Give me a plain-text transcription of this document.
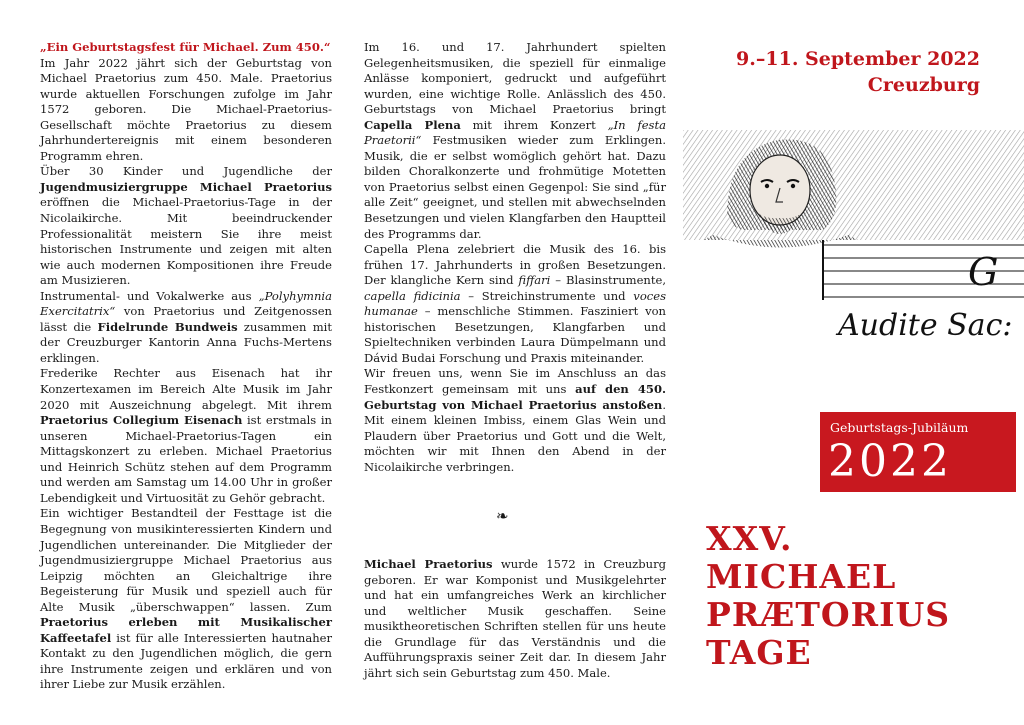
„Ein Geburtstagsfest für Michael. Zum 450.“

Im Jahr 2022 jährt sich der Geburtstag von Michael Praetorius zum 450. Male. Praetorius wurde aktuellen Forschungen zufolge im Jahr 1572 geboren. Die Michael-Praetorius-Gesellschaft möchte Praetorius zu diesem Jahrhundertereignis mit einem besonderen Programm ehren.

Über 30 Kinder und Jugendliche der Jugendmusiziergruppe Michael Praetorius eröffnen die Michael-Praetorius-Tage in der Nicolaikirche. Mit beeindruckender Professionalität meistern Sie ihre meist historischen Instrumente und zeigen mit alten wie auch modernen Kompositionen ihre Freude am Musizieren.

Instrumental- und Vokalwerke aus „Polyhymnia Exercitatrix“ von Praetorius und Zeitgenossen lässt die Fidelrunde Bundweis zusammen mit der Creuzburger Kantorin Anna Fuchs-Mertens erklingen.

Frederike Rechter aus Eisenach hat ihr Konzertexamen im Bereich Alte Musik im Jahr 2020 mit Auszeichnung abgelegt. Mit ihrem Praetorius Collegium Eisenach ist erstmals in unseren Michael-Praetorius-Tagen ein Mittagskonzert zu erleben. Michael Praetorius und Heinrich Schütz stehen auf dem Programm und werden am Samstag um 14.00 Uhr in großer Lebendigkeit und Virtuosität zu Gehör gebracht.

Ein wichtiger Bestandteil der Festtage ist die Begegnung von musikinteressierten Kindern und Jugendlichen untereinander. Die Mitglieder der Jugendmusiziergruppe Michael Praetorius aus Leipzig möchten an Gleichaltrige ihre Begeisterung für Musik und speziell auch für Alte Musik „überschwappen“ lassen. Zum Praetorius erleben mit Musikalischer Kaffeetafel ist für alle Interessierten hautnaher Kontakt zu den Jugendlichen möglich, die gern ihre Instrumente zeigen und erklären und von ihrer Liebe zur Musik erzählen.

Im 16. und 17. Jahrhundert spielten Gelegenheitsmusiken, die speziell für einmalige Anlässe komponiert, gedruckt und aufgeführt wurden, eine wichtige Rolle. Anlässlich des 450. Geburtstags von Michael Praetorius bringt Capella Plena mit ihrem Konzert „In festa Praetorii“ Festmusiken wieder zum Erklingen. Musik, die er selbst womöglich gehört hat. Dazu bilden Choralkonzerte und frohmütige Motetten von Praetorius selbst einen Gegenpol: Sie sind „für alle Zeit“ geeignet, und stellen mit abwechselnden Besetzungen und vielen Klangfarben den Hauptteil des Programms dar.

Capella Plena zelebriert die Musik des 16. bis frühen 17. Jahrhunderts in großen Besetzungen. Der klangliche Kern sind fiffari – Blasinstrumente, capella fidicinia – Streichinstrumente und voces humanae – menschliche Stimmen. Fasziniert von historischen Besetzungen, Klangfarben und Spieltechniken verbinden Laura Dümpelmann und Dávid Budai Forschung und Praxis miteinander.

Wir freuen uns, wenn Sie im Anschluss an das Festkonzert gemeinsam mit uns auf den 450. Geburtstag von Michael Praetorius anstoßen. Mit einem kleinen Imbiss, einem Glas Wein und Plaudern über Praetorius und Gott und die Welt, möchten wir mit Ihnen den Abend in der Nicolaikirche verbringen.

❧

Michael Praetorius wurde 1572 in Creuzburg geboren. Er war Komponist und Musikgelehrter und hat ein umfangreiches Werk an kirchlicher und weltlicher Musik geschaffen. Seine musiktheoretischen Schriften stellen für uns heute die Grundlage für das Verständnis und die Aufführungspraxis seiner Zeit dar. In diesem Jahr jährt sich sein Geburtstag zum 450. Male.

9.–11. September 2022
Creuzburg
G
Audite Sac:
Geburtstags-Jubiläum
2022
XXV.
MICHAEL
PRÆTORIUS
TAGE
